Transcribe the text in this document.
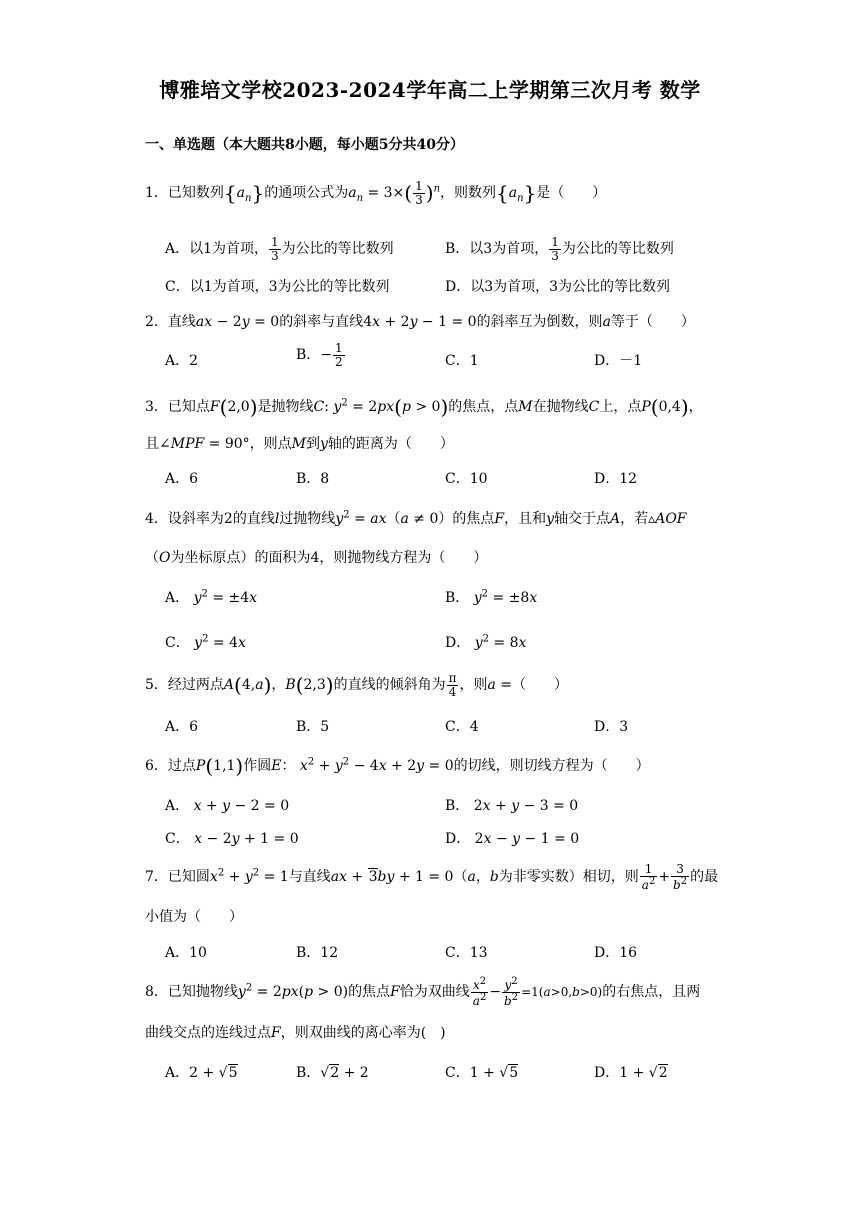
博雅培文学校2023-2024学年高二上学期第三次月考 数学
一、单选题（本大题共8小题，每小题5分共40分）
1．已知数列$\{a_n\}$的通项公式为$a_n = 3\times( \frac{1}{3} )^n$，则数列$\{a_n\}$是（　　）
A．以1为首项， $\frac{1}{3}$ 为公比的等比数列	B．以3为首项， $\frac{1}{3}$ 为公比的等比数列
C．以1为首项，3为公比的等比数列	D．以3为首项，3为公比的等比数列
2．直线ax − 2y = 0的斜率与直线4x + 2y − 1 = 0的斜率互为倒数，则a等于（　　）
A．2	B．− $\frac{1}{2}$	C．1	D．－1
3．已知点F(2,0)是抛物线C: $y^2 = 2px(p > 0)$的焦点，点M在抛物线C上，点P(0,4)，
且∠MPF = 90°，则点M到y轴的距离为（　　）
A．6	B．8	C．10	D．12
4．设斜率为2的直线l过抛物线$y^2 = ax(a \ne 0)$的焦点F，且和y轴交于点A，若▵AOF
（O为坐标原点）的面积为4，则抛物线方程为（　　）
A． $y^2 = \pm 4x$	B． $y^2 = \pm 8x$
C． $y^2 = 4x$	D． $y^2 = 8x$
5．经过两点A(4,a)，B(2,3)的直线的倾斜角为 $\frac{\pi}{4}$ ，则a =（　　）
A．6	B．5	C．4	D．3
6．过点P(1,1)作圆E： $x^2 + y^2 - 4x + 2y = 0$的切线，则切线方程为（　　）
A． x + y − 2 = 0	B． 2x + y − 3 = 0
C． x − 2y + 1 = 0	D． 2x − y − 1 = 0
7．已知圆$x^2 + y^2 = 1$与直线ax + 3by + 1 = 0（a，b为非零实数）相切，则 $\frac{1}{a^2} + \frac{3}{b^2}$ 的最
小值为（　　）
A．10	B．12	C．13	D．16
8．已知抛物线$y^2 = 2px(p > 0)$的焦点F恰为双曲线 $\frac{x^2}{a^2} - \frac{y^2}{b^2} =1(a>0,b>0)$的右焦点，且两
曲线交点的连线过点F，则双曲线的离心率为(　)
A．2 + √5	B．√2 + 2	C．1 + √5	D．1 + √2
